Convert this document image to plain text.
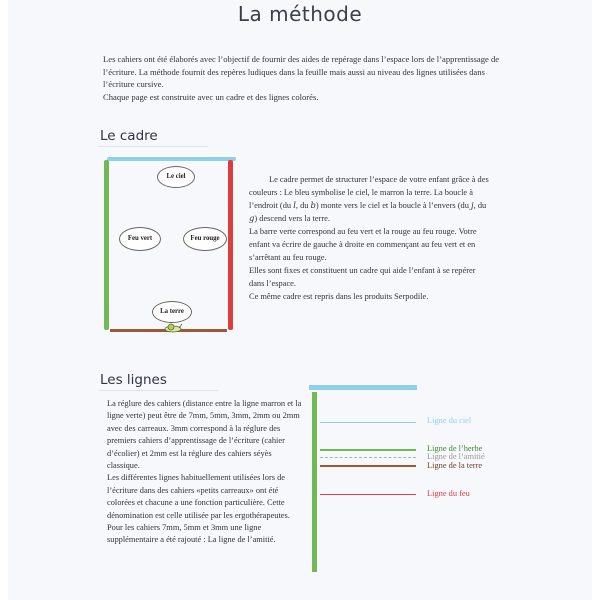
La méthode

Les cahiers ont été élaborés avec l’objectif de fournir des aides de repérage dans l’espace lors de l’apprentissage de l’écriture. La méthode fournit des repères ludiques dans la feuille mais aussi au niveau des lignes utilisées dans l’écriture cursive.

Chaque page est construite avec un cadre et des lignes colorés.

Le cadre
Le ciel
Feu vert	Feu rouge
La terre

Le cadre permet de structurer l’espace de votre enfant grâce à des couleurs : Le bleu symbolise le ciel, le marron la terre. La boucle à l’endroit (du l, du b) monte vers le ciel et la boucle à l’envers (du j, du g) descend vers la terre.

La barre verte correspond au feu vert et la rouge au feu rouge. Votre enfant va écrire de gauche à droite en commençant au feu vert et en s’arrêtant au feu rouge.

Elles sont fixes et constituent un cadre qui aide l’enfant à se repérer dans l’espace.

Ce même cadre est repris dans les produits Serpodile.

Les lignes

La réglure des cahiers (distance entre la ligne marron et la ligne verte) peut être de 7mm, 5mm, 3mm, 2mm ou 2mm avec des carreaux. 3mm correspond à la réglure des premiers cahiers d’apprentissage de l’écriture (cahier d’écolier) et 2mm est la réglure des cahiers séyès classique.

Les différentes lignes habituellement utilisées lors de l’écriture dans des cahiers «petits carreaux» ont été colorées et chacune a une fonction particulière. Cette dénomination est celle utilisée par les ergothérapeutes.

Pour les cahiers 7mm, 5mm et 3mm une ligne supplémentaire a été rajouté : La ligne de l’amitié.

Ligne du ciel
Ligne de l’herbe
Ligne de l’amitié
Ligne de la terre
Ligne du feu
